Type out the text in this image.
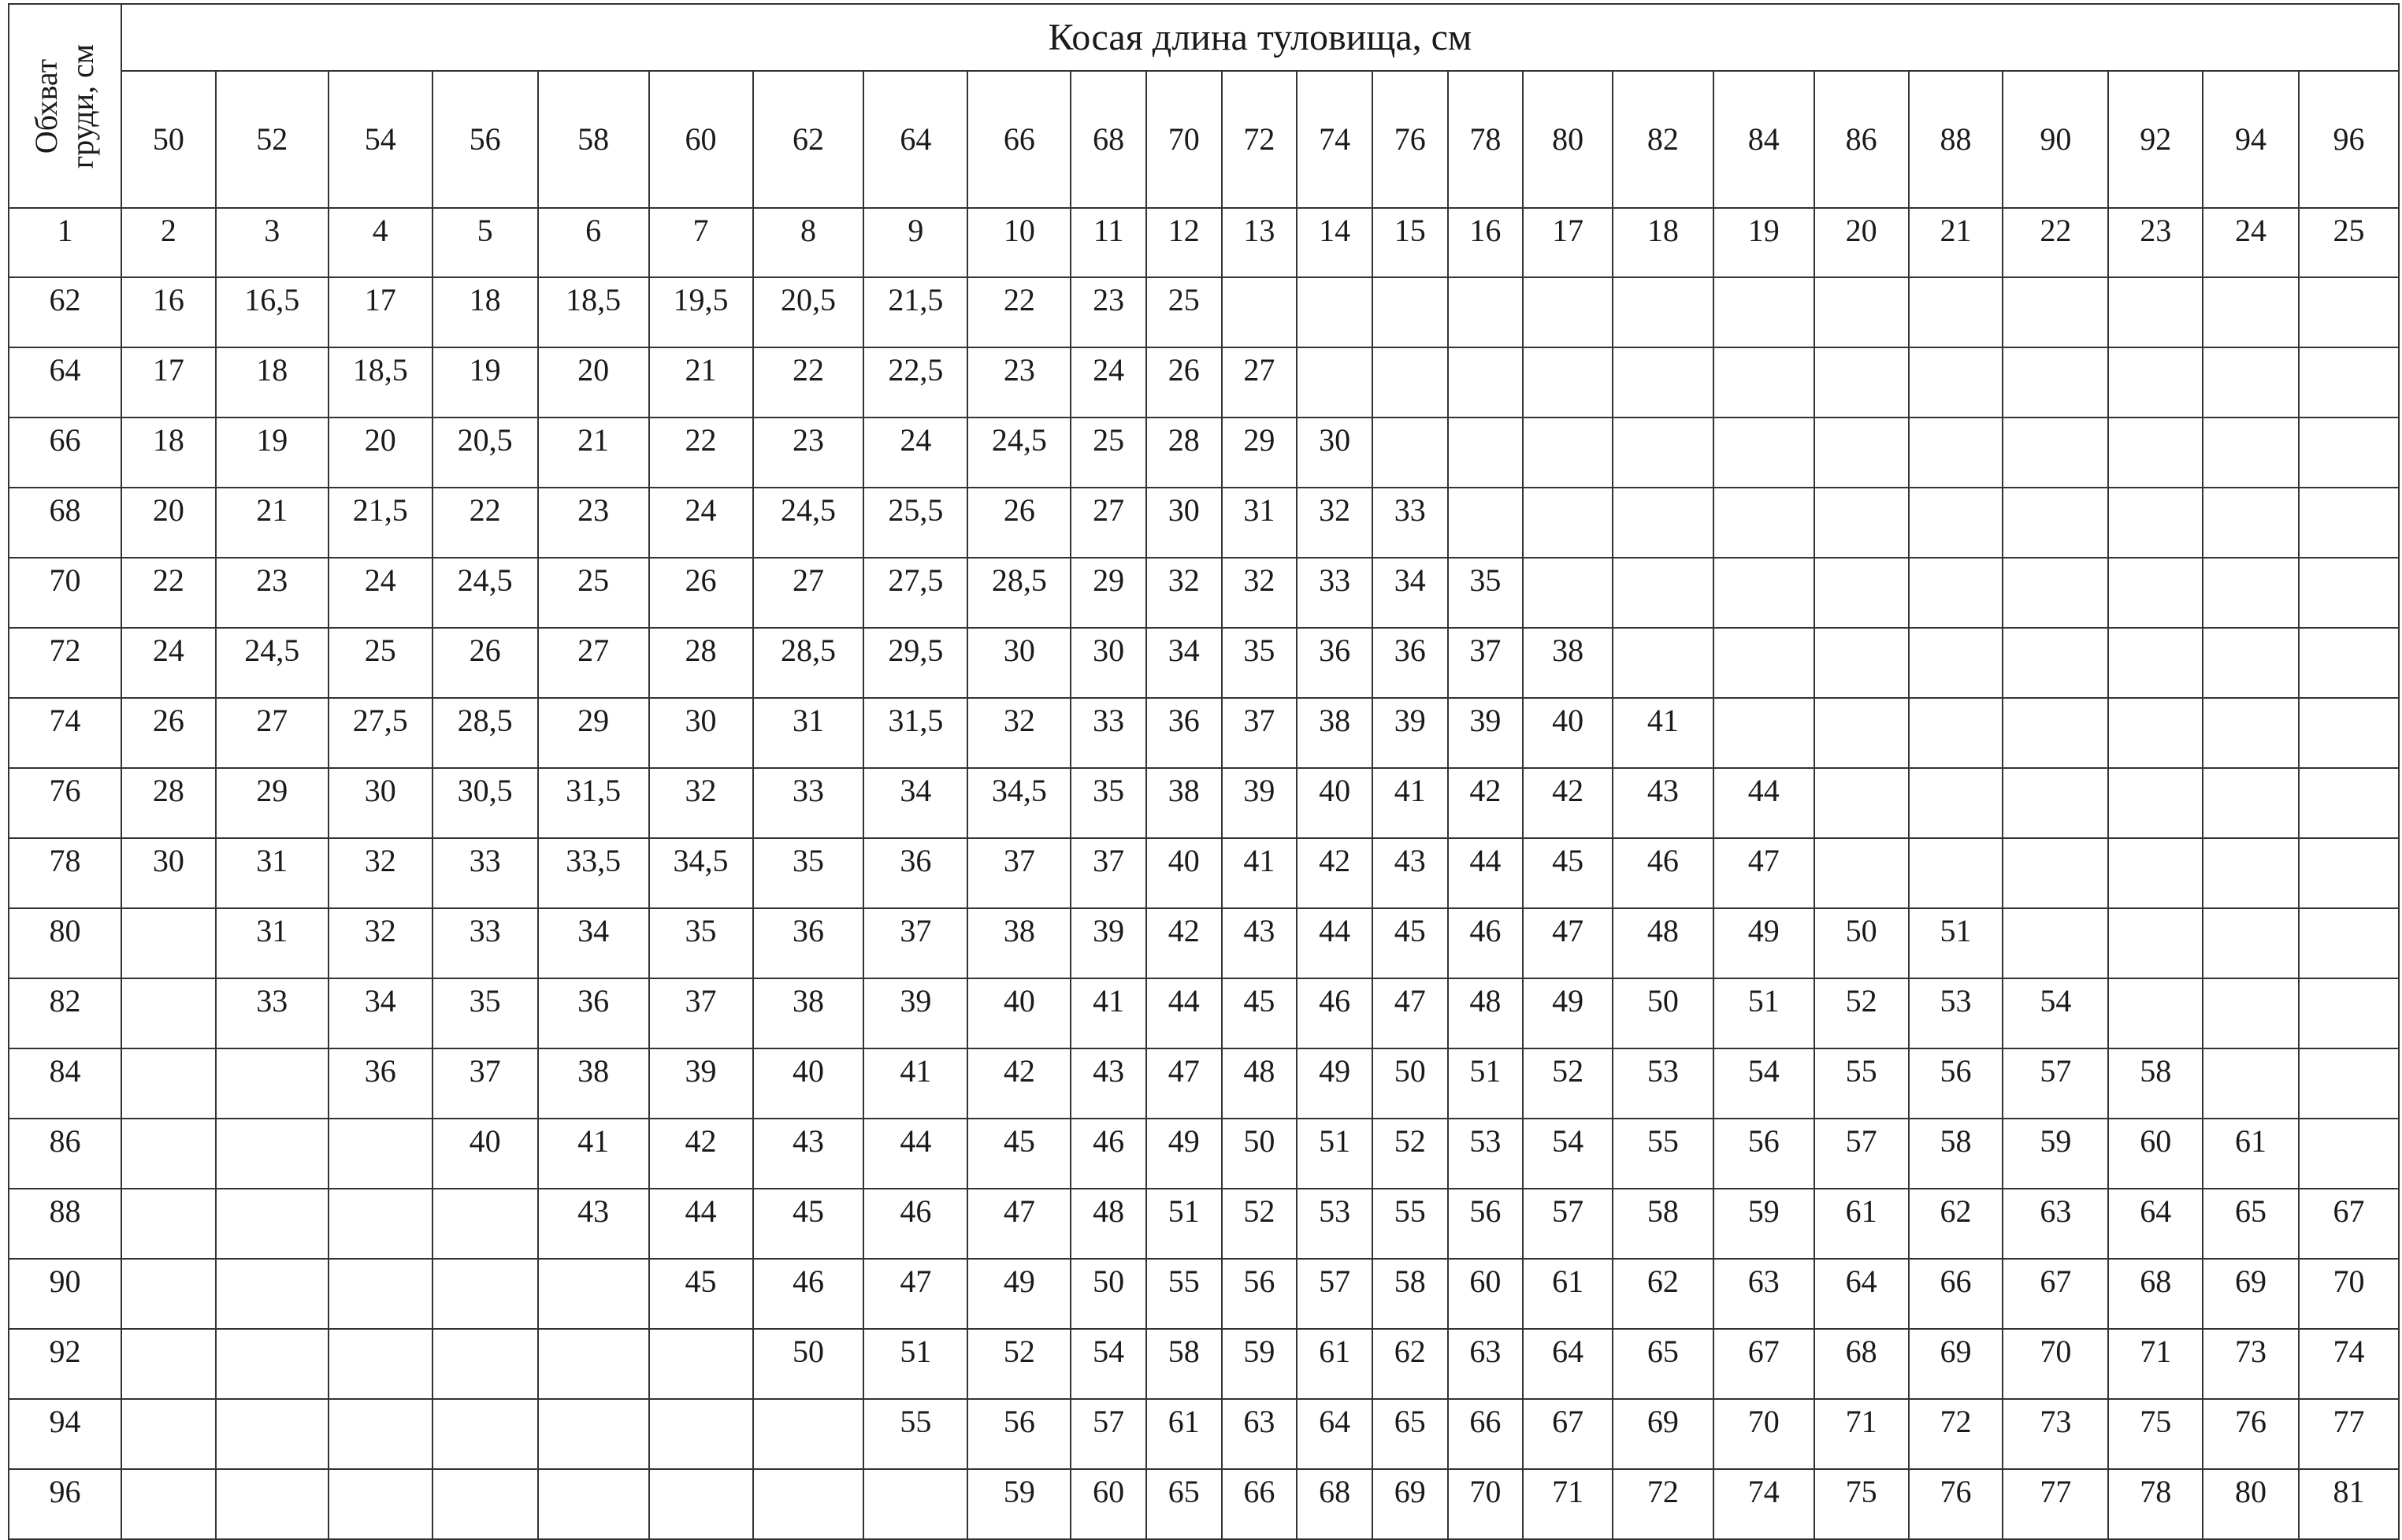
Обхват груди, см	Косая длина туловища, см																							
	50	52	54	56	58	60	62	64	66	68	70	72	74	76	78	80	82	84	86	88	90	92	94	96
1	2	3	4	5	6	7	8	9	10	11	12	13	14	15	16	17	18	19	20	21	22	23	24	25
62	16	16,5	17	18	18,5	19,5	20,5	21,5	22	23	25													
64	17	18	18,5	19	20	21	22	22,5	23	24	26	27												
66	18	19	20	20,5	21	22	23	24	24,5	25	28	29	30											
68	20	21	21,5	22	23	24	24,5	25,5	26	27	30	31	32	33										
70	22	23	24	24,5	25	26	27	27,5	28,5	29	32	32	33	34	35									
72	24	24,5	25	26	27	28	28,5	29,5	30	30	34	35	36	36	37	38								
74	26	27	27,5	28,5	29	30	31	31,5	32	33	36	37	38	39	39	40	41							
76	28	29	30	30,5	31,5	32	33	34	34,5	35	38	39	40	41	42	42	43	44						
78	30	31	32	33	33,5	34,5	35	36	37	37	40	41	42	43	44	45	46	47						
80		31	32	33	34	35	36	37	38	39	42	43	44	45	46	47	48	49	50	51				
82		33	34	35	36	37	38	39	40	41	44	45	46	47	48	49	50	51	52	53	54			
84			36	37	38	39	40	41	42	43	47	48	49	50	51	52	53	54	55	56	57	58		
86				40	41	42	43	44	45	46	49	50	51	52	53	54	55	56	57	58	59	60	61	
88					43	44	45	46	47	48	51	52	53	55	56	57	58	59	61	62	63	64	65	67
90						45	46	47	49	50	55	56	57	58	60	61	62	63	64	66	67	68	69	70
92							50	51	52	54	58	59	61	62	63	64	65	67	68	69	70	71	73	74
94								55	56	57	61	63	64	65	66	67	69	70	71	72	73	75	76	77
96									59	60	65	66	68	69	70	71	72	74	75	76	77	78	80	81
